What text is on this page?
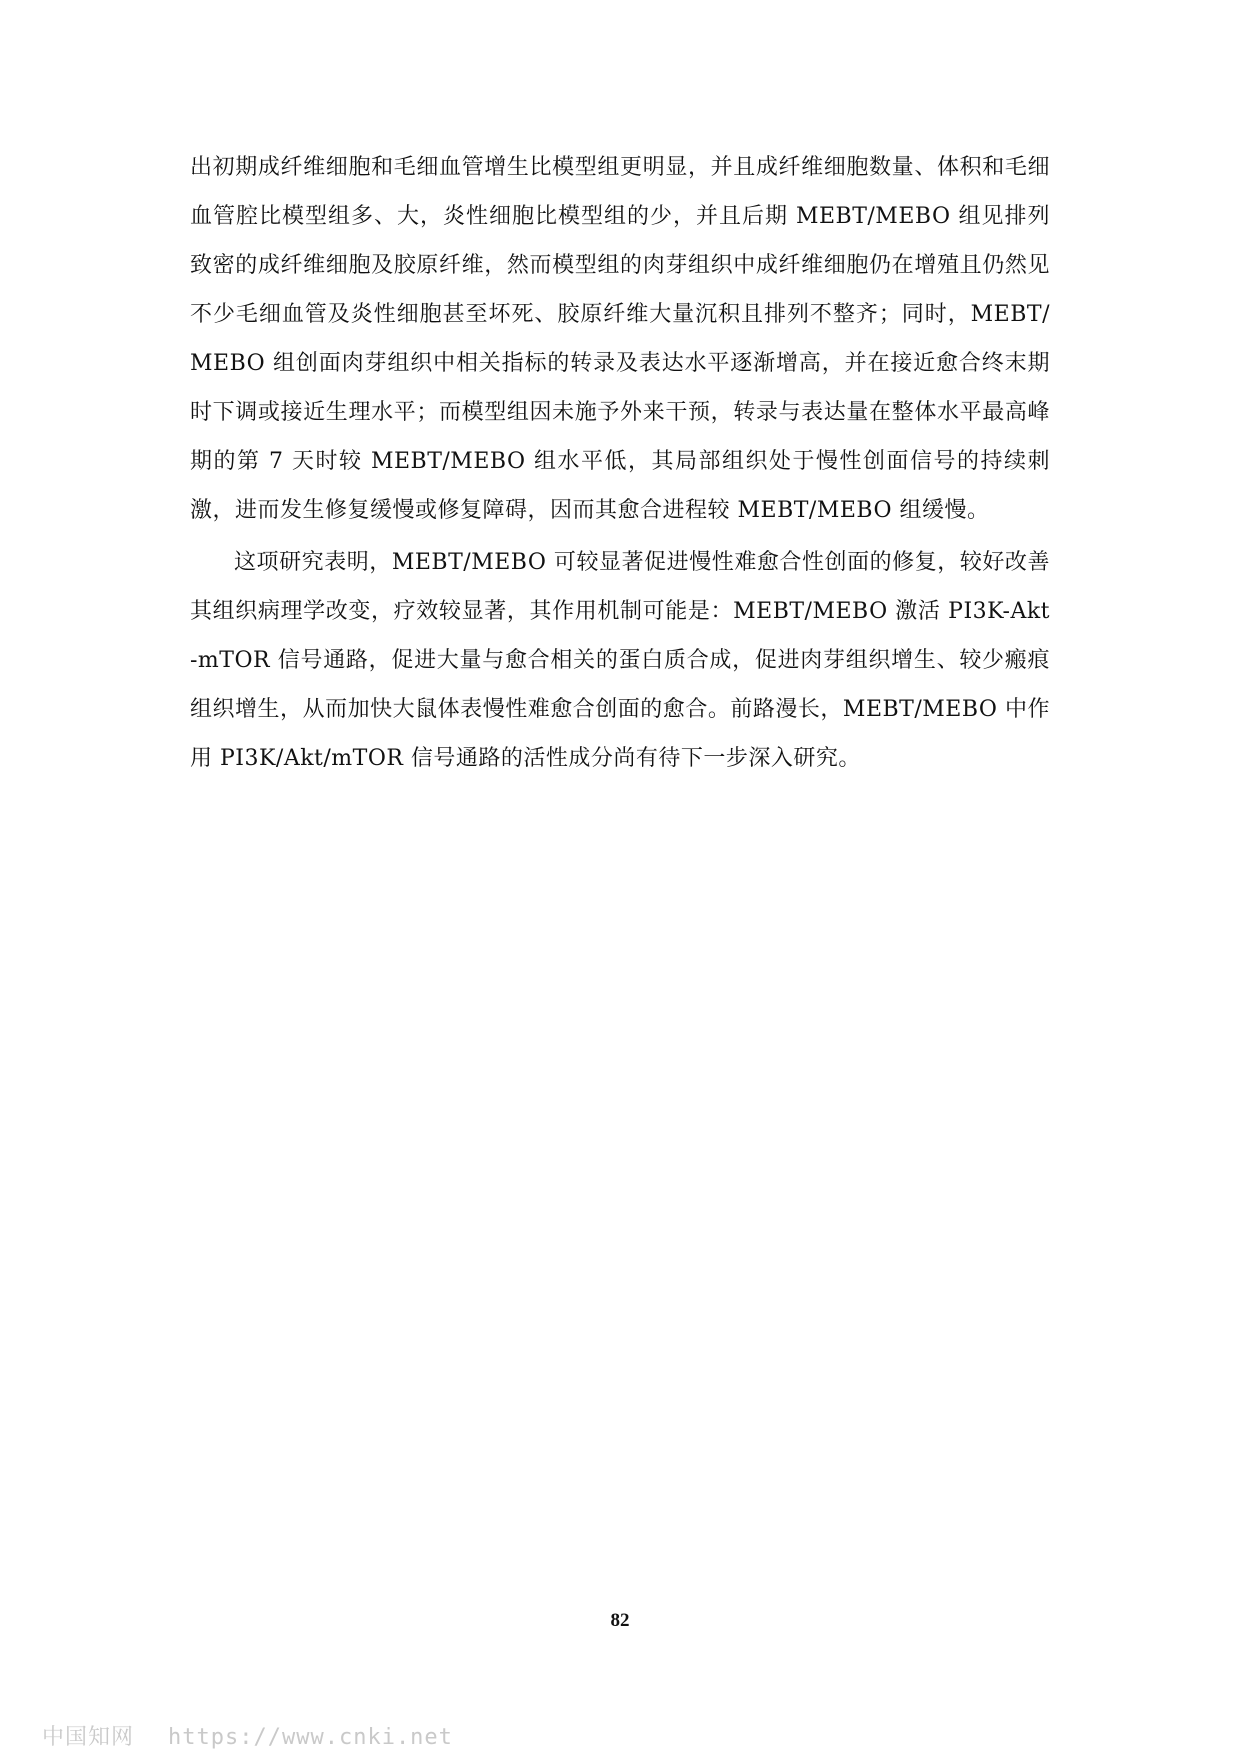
出初期成纤维细胞和毛细血管增生比模型组更明显，并且成纤维细胞数量、体积和毛细血管腔比模型组多、大，炎性细胞比模型组的少，并且后期 MEBT/MEBO 组见排列致密的成纤维细胞及胶原纤维，然而模型组的肉芽组织中成纤维细胞仍在增殖且仍然见不少毛细血管及炎性细胞甚至坏死、胶原纤维大量沉积且排列不整齐；同时，MEBT/MEBO 组创面肉芽组织中相关指标的转录及表达水平逐渐增高，并在接近愈合终末期时下调或接近生理水平；而模型组因未施予外来干预，转录与表达量在整体水平最高峰期的第 7 天时较 MEBT/MEBO 组水平低，其局部组织处于慢性创面信号的持续刺激，进而发生修复缓慢或修复障碍，因而其愈合进程较 MEBT/MEBO 组缓慢。

这项研究表明，MEBT/MEBO 可较显著促进慢性难愈合性创面的修复，较好改善其组织病理学改变，疗效较显著，其作用机制可能是：MEBT/MEBO 激活 PI3K-Akt-mTOR 信号通路，促进大量与愈合相关的蛋白质合成，促进肉芽组织增生、较少瘢痕组织增生，从而加快大鼠体表慢性难愈合创面的愈合。前路漫长，MEBT/MEBO 中作用 PI3K/Akt/mTOR 信号通路的活性成分尚有待下一步深入研究。

82
中国知网 https://www.cnki.net
